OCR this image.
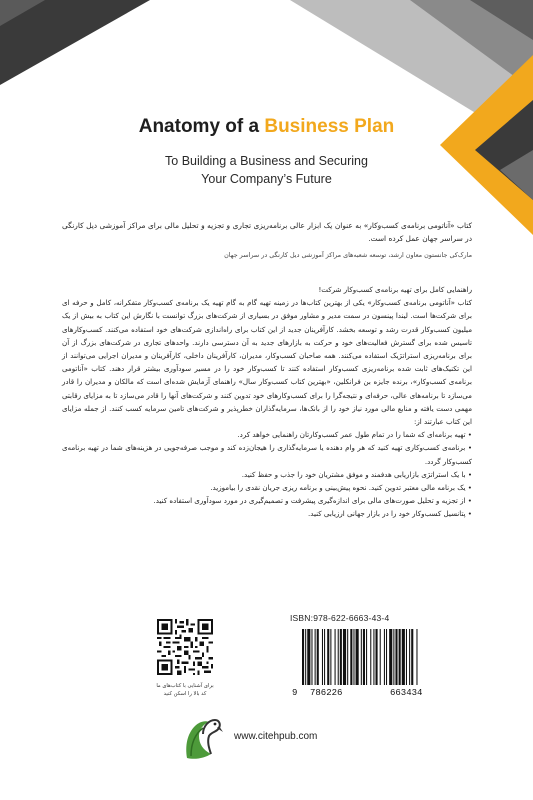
Anatomy of a Business Plan
To Building a Business and Securing
Your Company’s Future
کتاب «آناتومی برنامه‌ی کسب‌و‌کار» به عنوان یک ابزار عالی برنامه‌ریزی تجاری و تجزیه و تحلیل مالی برای مراکز آموزشی دیل کارنگی در سراسر جهان عمل کرده است.
مارک‌کی جانستون معاون ارشد، توسعه شعبه‌های مراکز آموزشی دیل کارنگی در سراسر جهان

راهنمایی کامل برای تهیه برنامه‌ی کسب‌وکار شرکت!

کتاب «آناتومی برنامه‌ی کسب‌وکار» یکی از بهترین کتاب‌ها در زمینه تهیه گام به گام تهیه یک برنامه‌ی کسب‌وکار متفکرانه، کامل و حرفه ای برای شرکت‌ها است. لیندا پینسون در سمت مدیر و مشاور موفق در بسیاری از شرکت‌های بزرگ توانست با نگارش این کتاب به بیش از یک میلیون کسب‌وکار قدرت رشد و توسعه بخشد. کارآفرینان جدید از این کتاب برای راه‌اندازی شرکت‌های خود استفاده می‌کنند. کسب‌وکارهای تاسیس شده برای گسترش فعالیت‌های خود و حرکت به بازارهای جدید به آن دسترسی دارند. واحدهای تجاری در شرکت‌های بزرگ از آن برای برنامه‌ریزی استراتژیک استفاده می‌کنند. همه صاحبان کسب‌وکار، مدیران، کارآفرینان داخلی، کارآفرینان و مدیران اجرایی می‌توانند از این تکنیک‌های ثابت شده برنامه‌ریزی کسب‌وکار استفاده کنند تا کسب‌وکار خود را در مسیر سودآوری بیشتر قرار دهند. کتاب «آناتومی برنامه‌ی کسب‌وکار»، برنده جایزه بن فرانکلین، «بهترین کتاب کسب‌وکار سال» راهنمای آزمایش شده‌ای است که مالکان و مدیران را قادر می‌سازد تا برنامه‌های عالی، حرفه‌ای و نتیجه‌گرا را برای کسب‌وکارهای خود تدوین کنند و شرکت‌های آنها را قادر می‌سازد تا به مزایای رقابتی مهمی دست یافته و منابع مالی مورد نیاز خود را از بانک‌ها، سرمایه‌گذاران خطرپذیر و شرکت‌های تامین سرمایه کسب کنند. از جمله مزایای این کتاب عبارتند از:

• تهیه برنامه‌ای که شما را در تمام طول عمر کسب‌وکارتان راهنمایی خواهد کرد.
• برنامه‌ی کسب‌وکاری تهیه کنید که هر وام دهنده یا سرمایه‌گذاری را هیجان‌زده کند و موجب صرفه‌جویی در هزینه‌های شما در تهیه برنامه‌ی کسب‌وکار گردد.
• با یک استراتژی بازاریابی هدفمند و موفق مشتریان خود را جذب و حفظ کنید.
• یک برنامه مالی معتبر تدوین کنید. نحوه پیش‌بینی و برنامه ریزی جریان نقدی را بیاموزید.
• از تجزیه و تحلیل صورت‌های مالی برای اندازه‌گیری پیشرفت و تصمیم‌گیری در مورد سودآوری استفاده کنید.
• پتانسیل کسب‌وکار خود را در بازار جهانی ارزیابی کنید.
برای آشنایی با کتاب‌های ما
کد بالا را اسکن کنید
ISBN:978-622-6663-43-4
9 786226	663434
www.citehpub.com
